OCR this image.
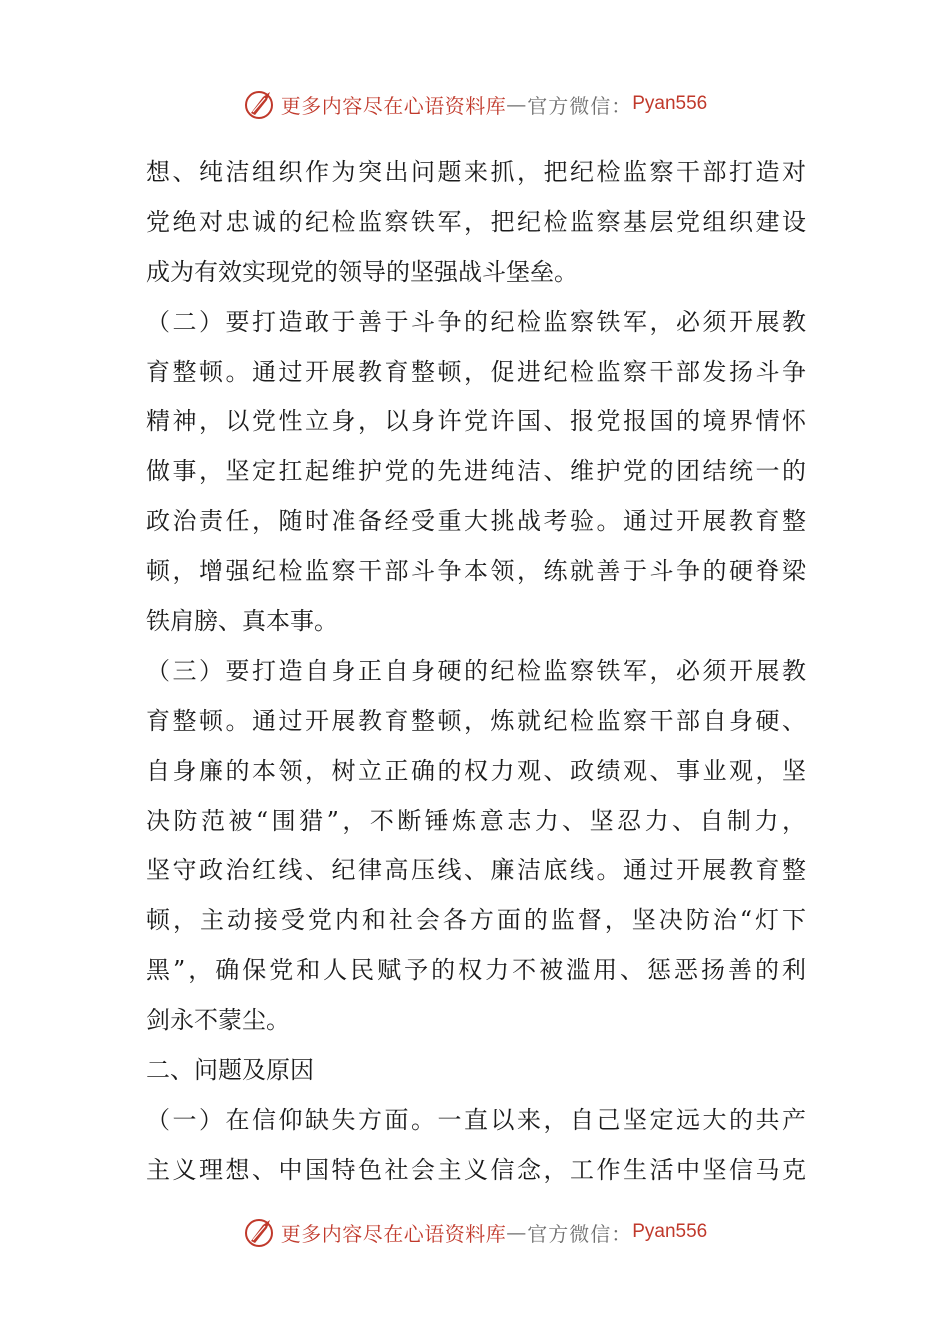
更多内容尽在心语资料库 — 官方微信： Pyan556
想、纯洁组织作为突出问题来抓，把纪检监察干部打造对
党绝对忠诚的纪检监察铁军，把纪检监察基层党组织建设
成为有效实现党的领导的坚强战斗堡垒。
（二）要打造敢于善于斗争的纪检监察铁军，必须开展教
育整顿。通过开展教育整顿，促进纪检监察干部发扬斗争
精神，以党性立身，以身许党许国、报党报国的境界情怀
做事，坚定扛起维护党的先进纯洁、维护党的团结统一的
政治责任，随时准备经受重大挑战考验。通过开展教育整
顿，增强纪检监察干部斗争本领，练就善于斗争的硬脊梁
铁肩膀、真本事。
（三）要打造自身正自身硬的纪检监察铁军，必须开展教
育整顿。通过开展教育整顿，炼就纪检监察干部自身硬、
自身廉的本领，树立正确的权力观、政绩观、事业观，坚
决防范被“围猎”，不断锤炼意志力、坚忍力、自制力，
坚守政治红线、纪律高压线、廉洁底线。通过开展教育整
顿，主动接受党内和社会各方面的监督，坚决防治“灯下
黑”，确保党和人民赋予的权力不被滥用、惩恶扬善的利
剑永不蒙尘。
二、问题及原因
（一）在信仰缺失方面。一直以来，自己坚定远大的共产
主义理想、中国特色社会主义信念，工作生活中坚信马克
更多内容尽在心语资料库 — 官方微信： Pyan556
